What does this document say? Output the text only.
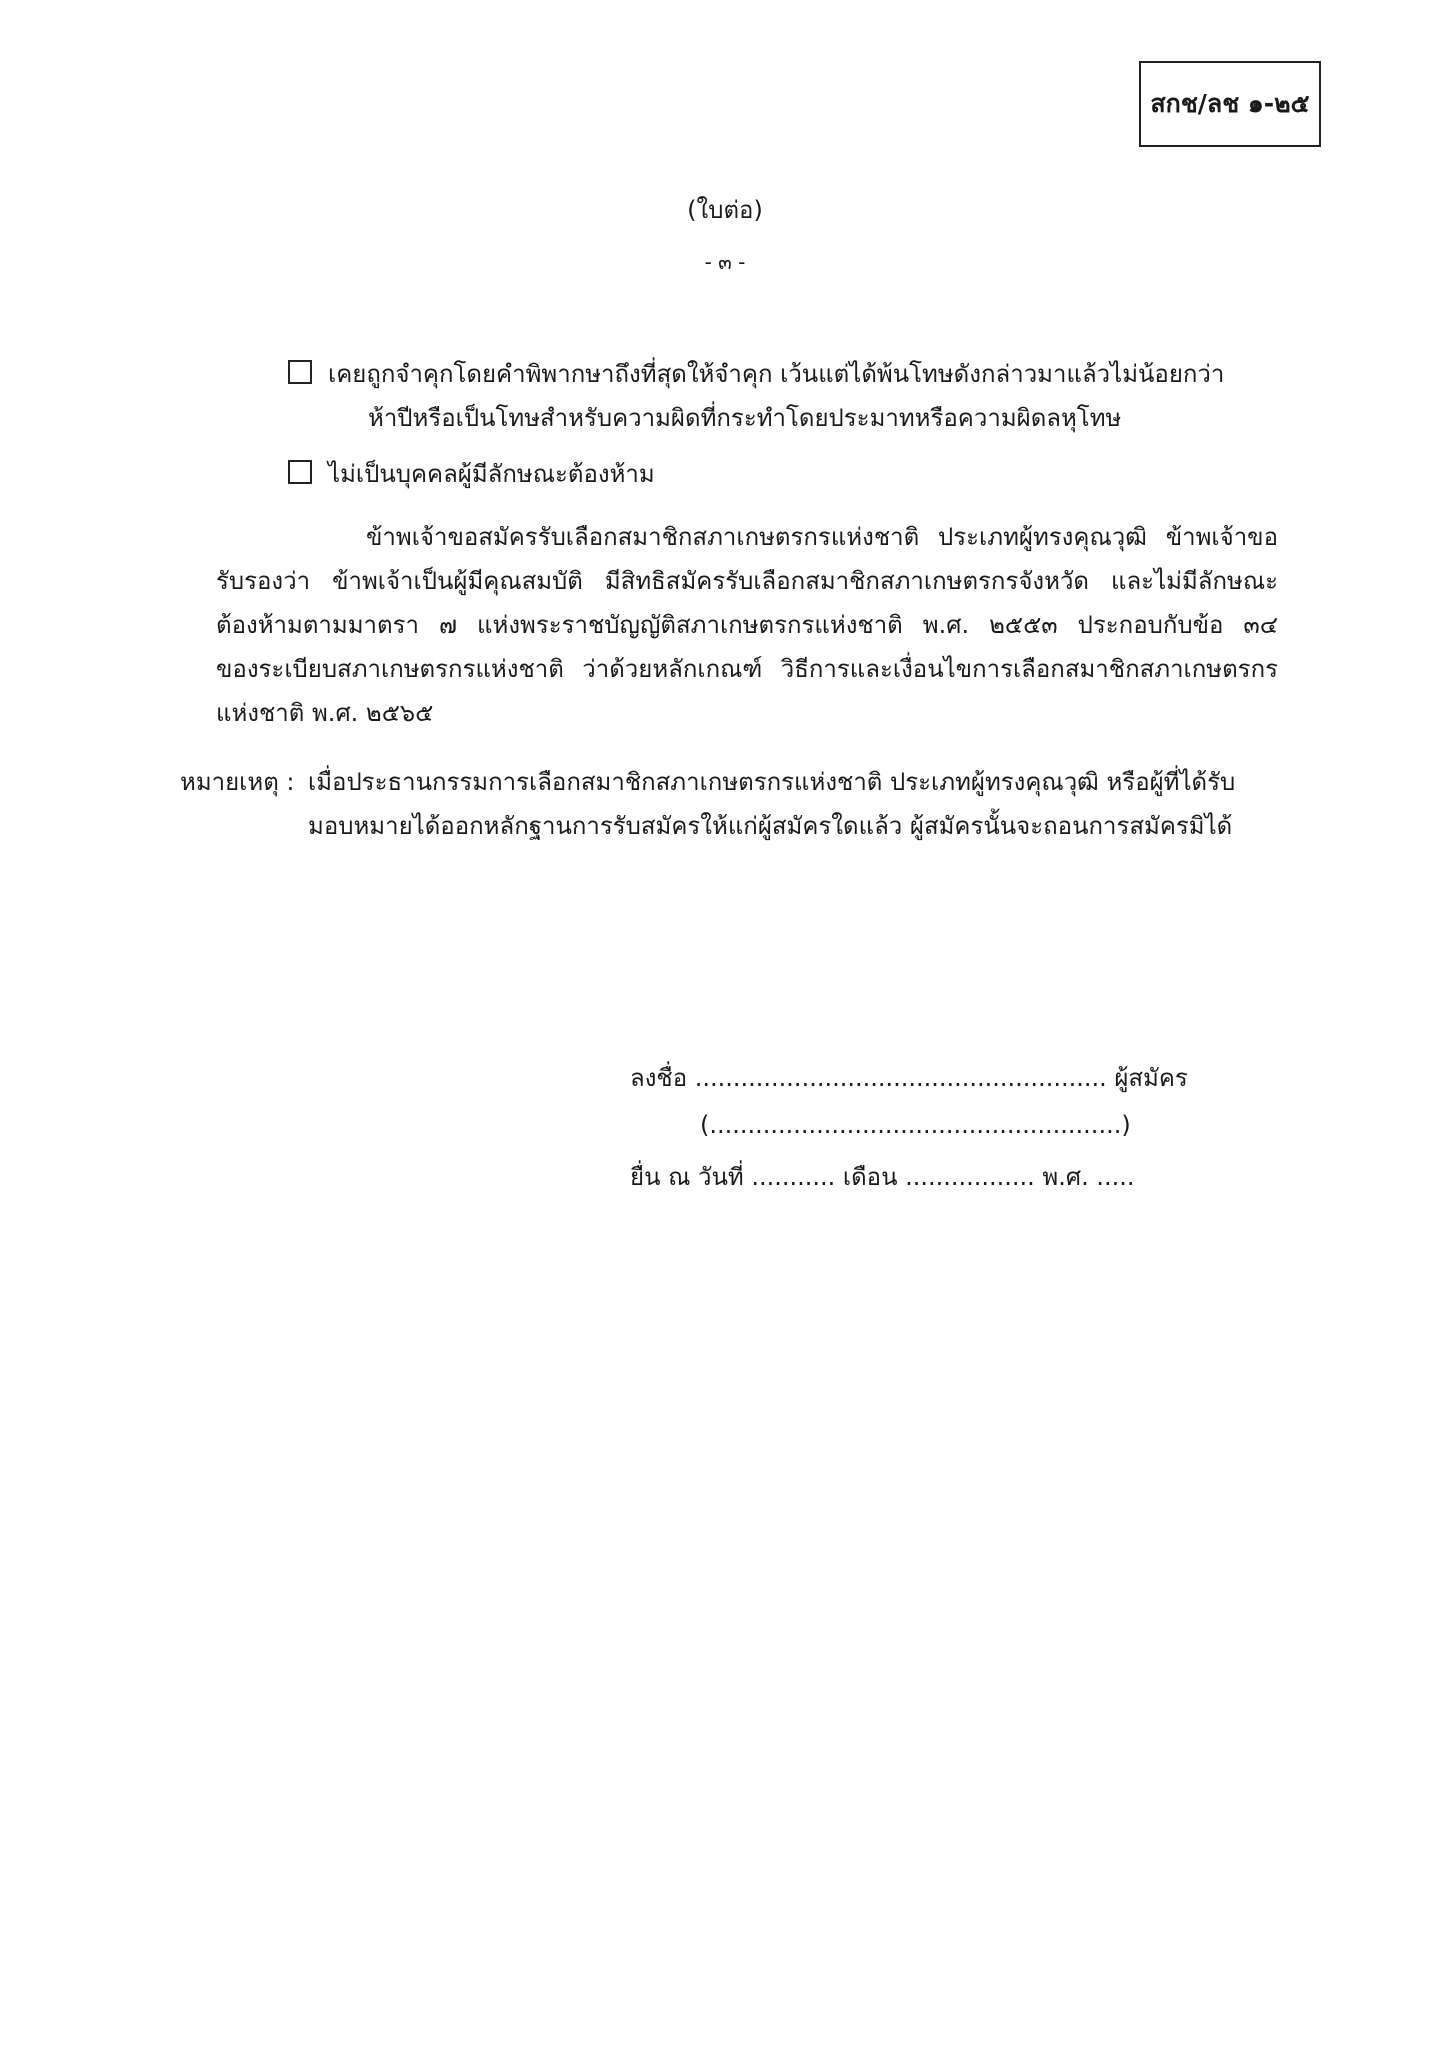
สกช/ลช ๑-๒๕
(ใบต่อ)
- ๓ -
เคยถูกจำคุกโดยคำพิพากษาถึงที่สุดให้จำคุก เว้นแต่ได้พ้นโทษดังกล่าวมาแล้วไม่น้อยกว่า
ห้าปีหรือเป็นโทษสำหรับความผิดที่กระทำโดยประมาทหรือความผิดลหุโทษ
ไม่เป็นบุคคลผู้มีลักษณะต้องห้าม
ข้าพเจ้าขอสมัครรับเลือกสมาชิกสภาเกษตรกรแห่งชาติ ประเภทผู้ทรงคุณวุฒิ ข้าพเจ้าขอ
รับรองว่า ข้าพเจ้าเป็นผู้มีคุณสมบัติ มีสิทธิสมัครรับเลือกสมาชิกสภาเกษตรกรจังหวัด และไม่มีลักษณะ
ต้องห้ามตามมาตรา ๗ แห่งพระราชบัญญัติสภาเกษตรกรแห่งชาติ พ.ศ. ๒๕๕๓ ประกอบกับข้อ ๓๔
ของระเบียบสภาเกษตรกรแห่งชาติ ว่าด้วยหลักเกณฑ์ วิธีการและเงื่อนไขการเลือกสมาชิกสภาเกษตรกร
แห่งชาติ พ.ศ. ๒๕๖๕
หมายเหตุ : เมื่อประธานกรรมการเลือกสมาชิกสภาเกษตรกรแห่งชาติ ประเภทผู้ทรงคุณวุฒิ หรือผู้ที่ได้รับ
มอบหมายได้ออกหลักฐานการรับสมัครให้แก่ผู้สมัครใดแล้ว ผู้สมัครนั้นจะถอนการสมัครมิได้
ลงชื่อ ...................................................... ผู้สมัคร
(......................................................)
ยื่น ณ วันที่ ........... เดือน ................. พ.ศ. .....
